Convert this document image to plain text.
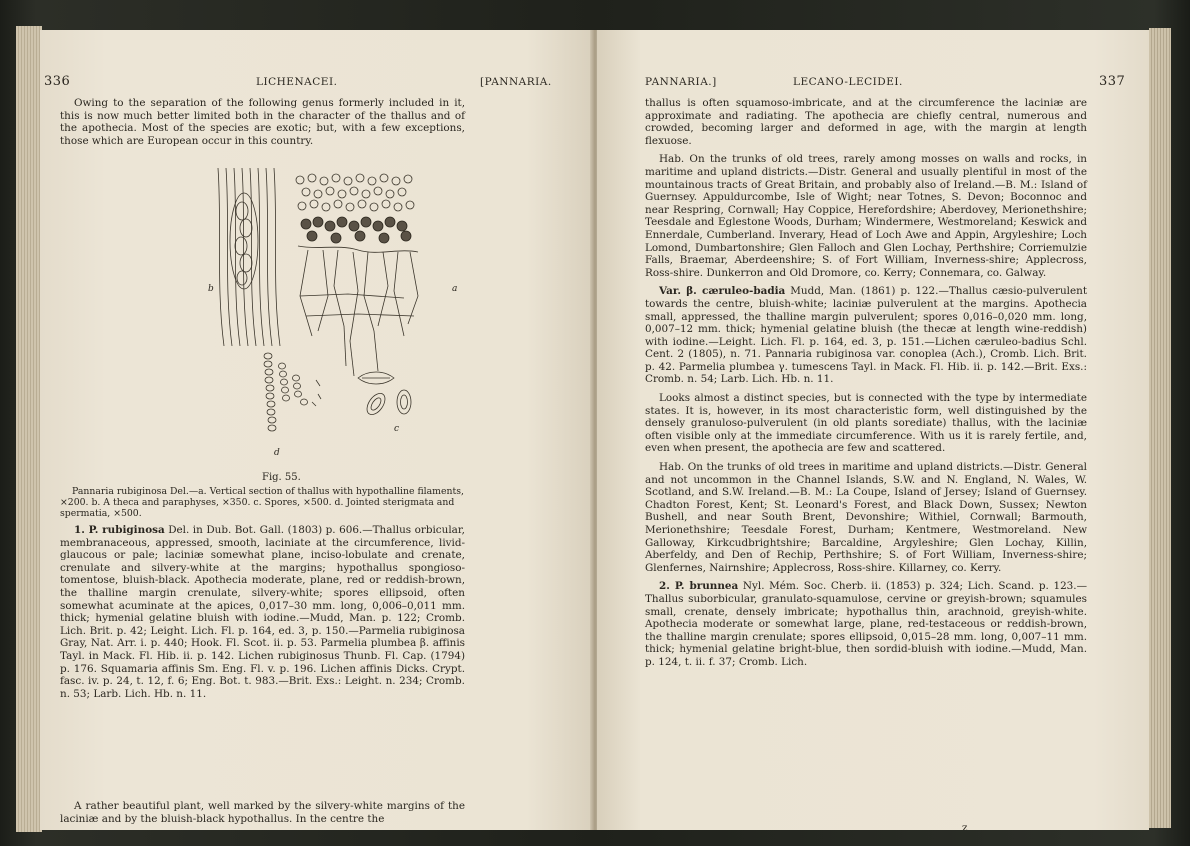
336	LICHENACEI.	[PANNARIA.
Owing to the separation of the following genus formerly included in it, this is now much better limited both in the character of the thallus and of the apothecia. Most of the species are exotic; but, with a few exceptions, those which are European occur in this country.
b	a
c
d
Fig. 55.
Pannaria rubiginosa Del.—a. Vertical section of thallus with hypothalline filaments, ×200. b. A theca and paraphyses, ×350. c. Spores, ×500. d. Jointed sterigmata and spermatia, ×500.
1. P. rubiginosa Del. in Dub. Bot. Gall. (1803) p. 606.—Thallus orbicular, membranaceous, appressed, smooth, laciniate at the circumference, livid-glaucous or pale; laciniæ somewhat plane, inciso-lobulate and crenate, crenulate and silvery-white at the margins; hypothallus spongioso-tomentose, bluish-black. Apothecia moderate, plane, red or reddish-brown, the thalline margin crenulate, silvery-white; spores ellipsoid, often somewhat acuminate at the apices, 0,017–30 mm. long, 0,006–0,011 mm. thick; hymenial gelatine bluish with iodine.—Mudd, Man. p. 122; Cromb. Lich. Brit. p. 42; Leight. Lich. Fl. p. 164, ed. 3, p. 150.—Parmelia rubiginosa Gray, Nat. Arr. i. p. 440; Hook. Fl. Scot. ii. p. 53. Parmelia plumbea β. affinis Tayl. in Mack. Fl. Hib. ii. p. 142. Lichen rubiginosus Thunb. Fl. Cap. (1794) p. 176. Squamaria affinis Sm. Eng. Fl. v. p. 196. Lichen affinis Dicks. Crypt. fasc. iv. p. 24, t. 12, f. 6; Eng. Bot. t. 983.—Brit. Exs.: Leight. n. 234; Cromb. n. 53; Larb. Lich. Hb. n. 11.
A rather beautiful plant, well marked by the silvery-white margins of the laciniæ and by the bluish-black hypothallus. In the centre the
PANNARIA.]	LECANO-LECIDEI.	337

thallus is often squamoso-imbricate, and at the circumference the laciniæ are approximate and radiating. The apothecia are chiefly central, numerous and crowded, becoming larger and deformed in age, with the margin at length flexuose.

Hab. On the trunks of old trees, rarely among mosses on walls and rocks, in maritime and upland districts.—Distr. General and usually plentiful in most of the mountainous tracts of Great Britain, and probably also of Ireland.—B. M.: Island of Guernsey. Appuldurcombe, Isle of Wight; near Totnes, S. Devon; Boconnoc and near Respring, Cornwall; Hay Coppice, Herefordshire; Aberdovey, Merionethshire; Teesdale and Eglestone Woods, Durham; Windermere, Westmoreland; Keswick and Ennerdale, Cumberland. Inverary, Head of Loch Awe and Appin, Argyleshire; Loch Lomond, Dumbartonshire; Glen Falloch and Glen Lochay, Perthshire; Corriemulzie Falls, Braemar, Aberdeenshire; S. of Fort William, Inverness-shire; Applecross, Ross-shire. Dunkerron and Old Dromore, co. Kerry; Connemara, co. Galway.

Var. β. cæruleo-badia Mudd, Man. (1861) p. 122.—Thallus cæsio-pulverulent towards the centre, bluish-white; laciniæ pulverulent at the margins. Apothecia small, appressed, the thalline margin pulverulent; spores 0,016–0,020 mm. long, 0,007–12 mm. thick; hymenial gelatine bluish (the thecæ at length wine-reddish) with iodine.—Leight. Lich. Fl. p. 164, ed. 3, p. 151.—Lichen cæruleo-badius Schl. Cent. 2 (1805), n. 71. Pannaria rubiginosa var. conoplea (Ach.), Cromb. Lich. Brit. p. 42. Parmelia plumbea γ. tumescens Tayl. in Mack. Fl. Hib. ii. p. 142.—Brit. Exs.: Cromb. n. 54; Larb. Lich. Hb. n. 11.

Looks almost a distinct species, but is connected with the type by intermediate states. It is, however, in its most characteristic form, well distinguished by the densely granuloso-pulverulent (in old plants sorediate) thallus, with the laciniæ often visible only at the immediate circumference. With us it is rarely fertile, and, even when present, the apothecia are few and scattered.

Hab. On the trunks of old trees in maritime and upland districts.—Distr. General and not uncommon in the Channel Islands, S.W. and N. England, N. Wales, W. Scotland, and S.W. Ireland.—B. M.: La Coupe, Island of Jersey; Island of Guernsey. Chadton Forest, Kent; St. Leonard's Forest, and Black Down, Sussex; Newton Bushell, and near South Brent, Devonshire; Withiel, Cornwall; Barmouth, Merionethshire; Teesdale Forest, Durham; Kentmere, Westmoreland. New Galloway, Kirkcudbrightshire; Barcaldine, Argyleshire; Glen Lochay, Killin, Aberfeldy, and Den of Rechip, Perthshire; S. of Fort William, Inverness-shire; Glenfernes, Nairnshire; Applecross, Ross-shire. Killarney, co. Kerry.

2. P. brunnea Nyl. Mém. Soc. Cherb. ii. (1853) p. 324; Lich. Scand. p. 123.—Thallus suborbicular, granulato-squamulose, cervine or greyish-brown; squamules small, crenate, densely imbricate; hypothallus thin, arachnoid, greyish-white. Apothecia moderate or somewhat large, plane, red-testaceous or reddish-brown, the thalline margin crenulate; spores ellipsoid, 0,015–28 mm. long, 0,007–11 mm. thick; hymenial gelatine bright-blue, then sordid-bluish with iodine.—Mudd, Man. p. 124, t. ii. f. 37; Cromb. Lich.

z
